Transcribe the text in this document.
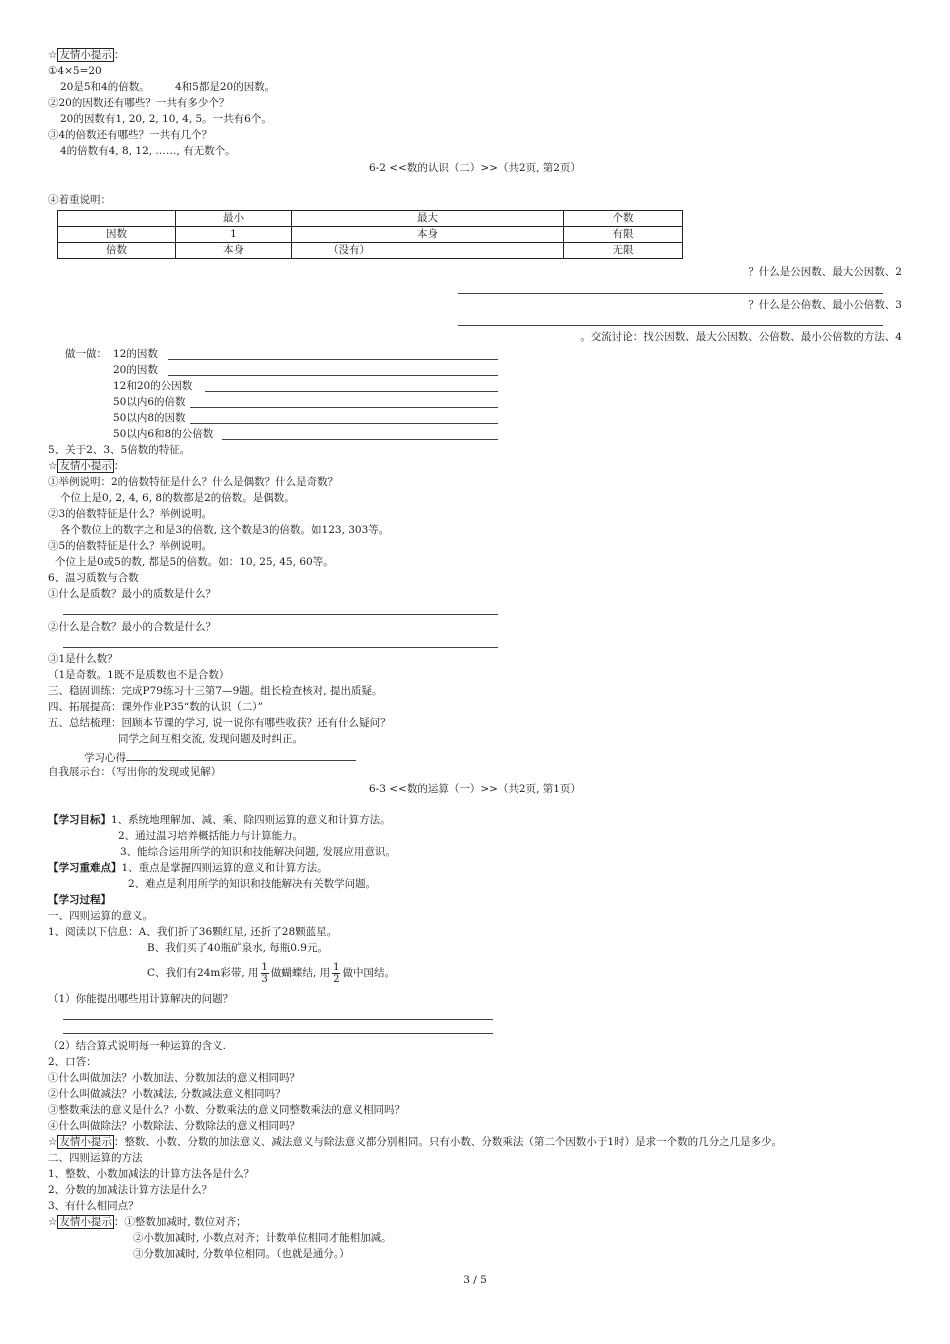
☆ 友情小提示 ：
①4×5=20
20是5和4的倍数。 4和5都是20的因数。
②20的因数还有哪些？一共有多少个？
20的因数有1, 20, 2, 10, 4, 5。一共有6个。
③4的倍数还有哪些？一共有几个？
4的倍数有4, 8, 12, ……, 有无数个。
6-2 <<数的认识（二）>>（共2页, 第2页）
④着重说明：
	最小	最大	个数
因数	1	本身	有限
倍数	本身	（没有）	无限
？什么是公因数、最大公因数、2
？什么是公倍数、最小公倍数、3
。交流讨论：找公因数、最大公因数、公倍数、最小公倍数的方法、4
做一做： 12的因数
20的因数
12和20的公因数
50以内6的倍数
50以内8的因数
50以内6和8的公倍数
5、关于2、3、5倍数的特征。
☆ 友情小提示 ：
①举例说明：2的倍数特征是什么？什么是偶数？什么是奇数？
个位上是0, 2, 4, 6, 8的数都是2的倍数。是偶数。
②3的倍数特征是什么？举例说明。
各个数位上的数字之和是3的倍数, 这个数是3的倍数。如123, 303等。
③5的倍数特征是什么？举例说明。
个位上是0或5的数, 都是5的倍数。如：10, 25, 45, 60等。
6、温习质数与合数
①什么是质数？最小的质数是什么？
②什么是合数？最小的合数是什么？
③1是什么数？
（1是奇数。1既不是质数也不是合数）
三、稳固训练：完成P79练习十三第7—9题。组长检查核对, 提出质疑。
四、拓展提高：课外作业P35“数的认识（二）”
五、总结梳理：回顾本节课的学习, 说一说你有哪些收获？还有什么疑问？
同学之间互相交流, 发现问题及时纠正。
学习心得
自我展示台：（写出你的发现或见解）
6-3 <<数的运算（一）>>（共2页, 第1页）
【学习目标】1、系统地理解加、减、乘、除四则运算的意义和计算方法。
2、通过温习培养概括能力与计算能力。
3、能综合运用所学的知识和技能解决问题, 发展应用意识。
【学习重难点】1、重点是掌握四则运算的意义和计算方法。
2、难点是利用所学的知识和技能解决有关数学问题。
【学习过程】
一、四则运算的意义。
1、阅读以下信息：A、我们折了36颗红星, 还折了28颗蓝星。
B、我们买了40瓶矿泉水, 每瓶0.9元。
C、我们有24m彩带, 用 $\frac{1}{3}$ 做蝴蝶结, 用 $\frac{1}{2}$ 做中国结。
（1）你能提出哪些用计算解决的问题？
（2）结合算式说明每一种运算的含义.
2、口答：
①什么叫做加法？小数加法、分数加法的意义相同吗？
②什么叫做减法？小数减法, 分数减法意义相同吗？
③整数乘法的意义是什么？小数、分数乘法的意义同整数乘法的意义相同吗？
④什么叫做除法？小数除法、分数除法的意义相同吗？
☆ 友情小提示 ：整数、小数、分数的加法意义、减法意义与除法意义都分别相同。只有小数、分数乘法（第二个因数小于1时）是求一个数的几分之几是多少。
二、四则运算的方法
1、整数、小数加减法的计算方法各是什么？
2、分数的加减法计算方法是什么？
3、有什么相同点？
☆ 友情小提示 ：①整数加减时, 数位对齐；
②小数加减时, 小数点对齐；计数单位相同才能相加减。
③分数加减时, 分数单位相同。（也就是通分。）
3 / 5
